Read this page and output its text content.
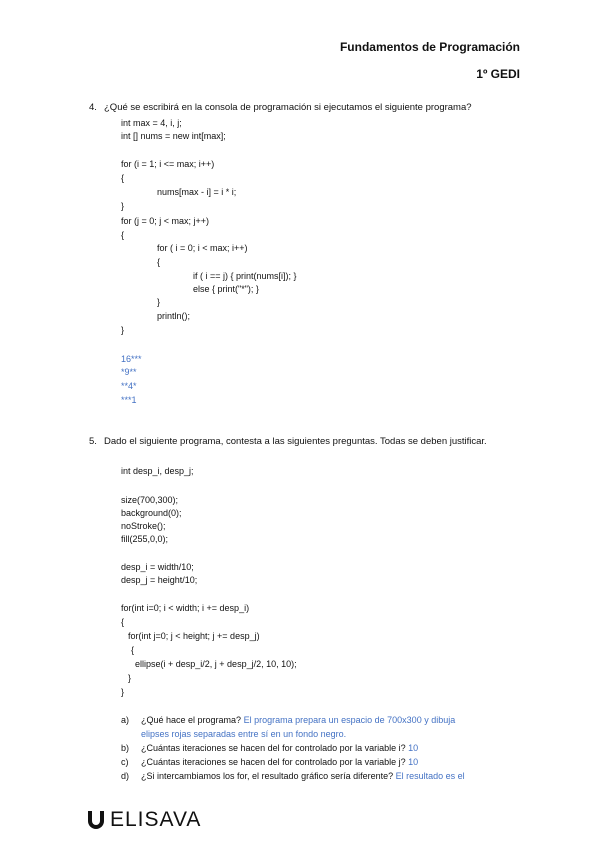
Fundamentos de Programación
1º GEDI
4. ¿Qué se escribirá en la consola de programación si ejecutamos el siguiente programa?
int max = 4, i, j;
int [] nums = new int[max];
for (i = 1; i <= max; i++)
{
nums[max - i] = i * i;
}
for (j = 0; j < max; j++)
{
for ( i = 0; i < max; i++)
{
if ( i == j) { print(nums[i]); }
else { print("*"); }
}
println();
}
16***
*9**
**4*
***1
5. Dado el siguiente programa, contesta a las siguientes preguntas. Todas se deben justificar.
int desp_i, desp_j;
size(700,300);
background(0);
noStroke();
fill(255,0,0);
desp_i = width/10;
desp_j = height/10;
for(int i=0; i < width; i += desp_i)
{
for(int j=0; j < height; j += desp_j)
{
ellipse(i + desp_i/2, j + desp_j/2, 10, 10);
}
}
a) ¿Qué hace el programa? El programa prepara un espacio de 700x300 y dibuja
elipses rojas separadas entre sí en un fondo negro.
b) ¿Cuántas iteraciones se hacen del for controlado por la variable i? 10
c) ¿Cuántas iteraciones se hacen del for controlado por la variable j? 10
d) ¿Si intercambiamos los for, el resultado gráfico sería diferente? El resultado es el
ELISAVA
